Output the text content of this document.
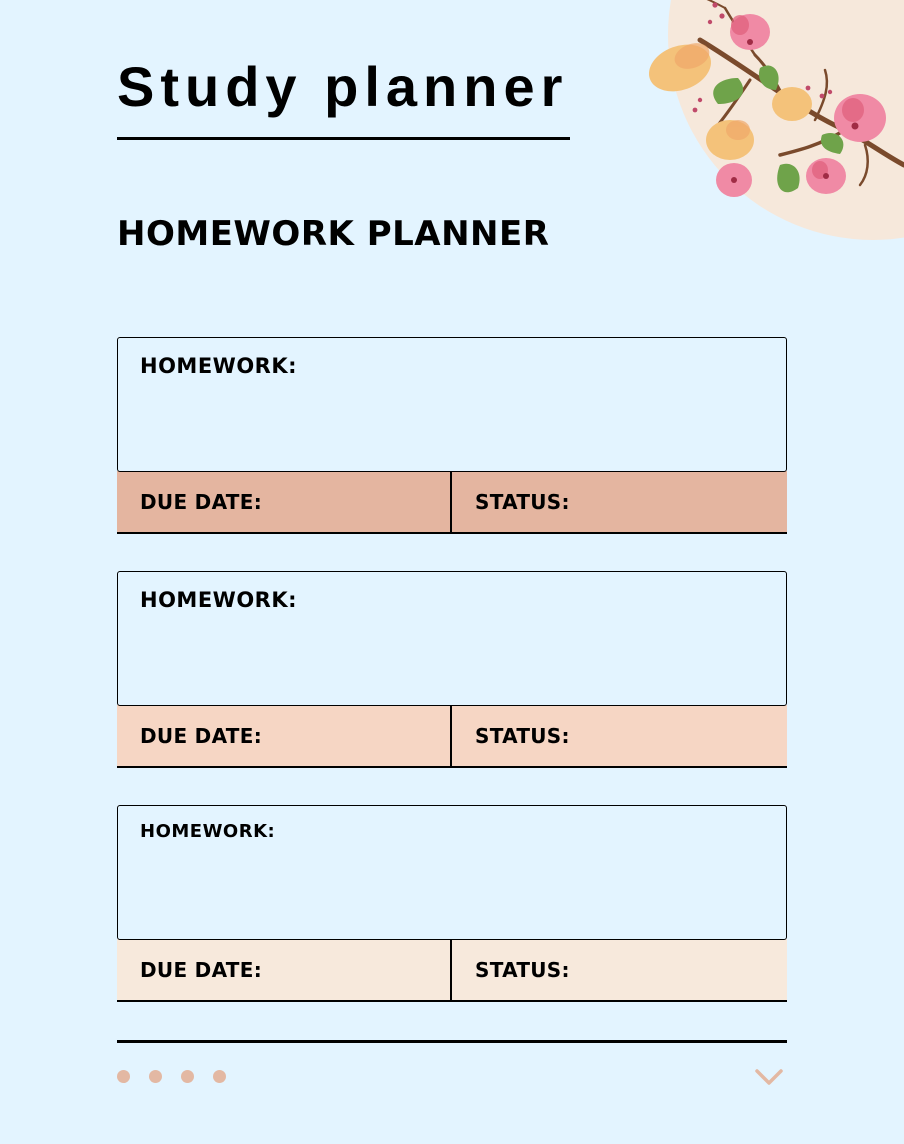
Study planner
HOMEWORK PLANNER
HOMEWORK:
DUE DATE:	STATUS:
HOMEWORK:
DUE DATE:	STATUS:
HOMEWORK:
DUE DATE:	STATUS:
